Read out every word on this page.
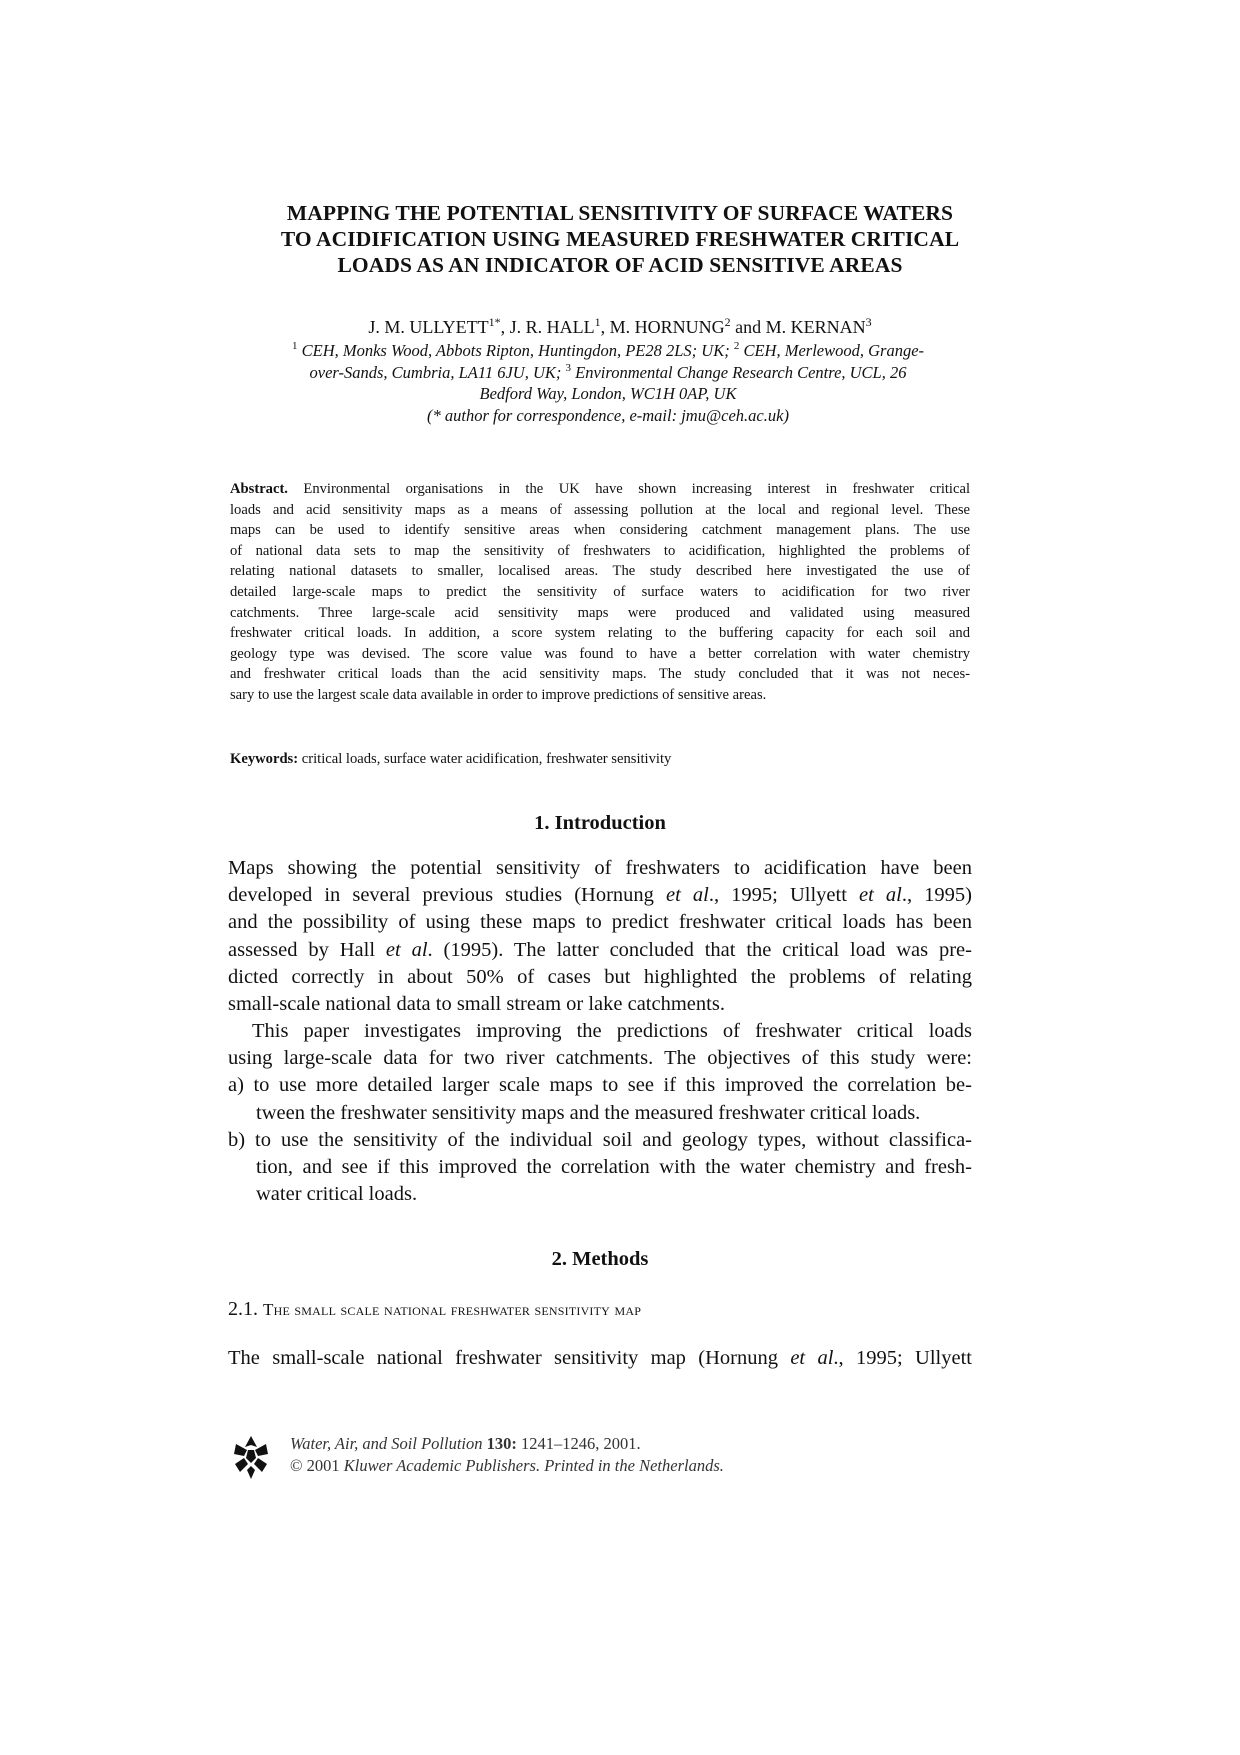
MAPPING THE POTENTIAL SENSITIVITY OF SURFACE WATERS
TO ACIDIFICATION USING MEASURED FRESHWATER CRITICAL
LOADS AS AN INDICATOR OF ACID SENSITIVE AREAS
J. M. $ULLYETT^{1*}$, J. R. HALL$^1$, M. HORNUNG$^2$ and M. KERNAN$^3$
$^1$ CEH, Monks Wood, Abbots Ripton, Huntingdon, PE28 2LS; UK; $^2$ CEH, Merlewood, Grange-
over-Sands, Cumbria, LA11 6JU, UK; $^3$ Environmental Change Research Centre, UCL, 26
Bedford Way, London, WC1H 0AP, UK
(* author for correspondence, e-mail: jmu@ceh.ac.uk)
Abstract. Environmental organisations in the UK have shown increasing interest in freshwater critical
loads and acid sensitivity maps as a means of assessing pollution at the local and regional level. These
maps can be used to identify sensitive areas when considering catchment management plans. The use
of national data sets to map the sensitivity of freshwaters to acidification, highlighted the problems of
relating national datasets to smaller, localised areas. The study described here investigated the use of
detailed large-scale maps to predict the sensitivity of surface waters to acidification for two river
catchments. Three large-scale acid sensitivity maps were produced and validated using measured
freshwater critical loads. In addition, a score system relating to the buffering capacity for each soil and
geology type was devised. The score value was found to have a better correlation with water chemistry
and freshwater critical loads than the acid sensitivity maps. The study concluded that it was not neces-
sary to use the largest scale data available in order to improve predictions of sensitive areas.
Keywords: critical loads, surface water acidification, freshwater sensitivity
1. Introduction
Maps showing the potential sensitivity of freshwaters to acidification have been
developed in several previous studies (Hornung et al., 1995; Ullyett et al., 1995)
and the possibility of using these maps to predict freshwater critical loads has been
assessed by Hall et al. (1995). The latter concluded that the critical load was pre-
dicted correctly in about 50% of cases but highlighted the problems of relating
small-scale national data to small stream or lake catchments.
This paper investigates improving the predictions of freshwater critical loads
using large-scale data for two river catchments. The objectives of this study were:
a) to use more detailed larger scale maps to see if this improved the correlation be-
tween the freshwater sensitivity maps and the measured freshwater critical loads.
b) to use the sensitivity of the individual soil and geology types, without classifica-
tion, and see if this improved the correlation with the water chemistry and fresh-
water critical loads.
2. Methods
2.1. The small scale national freshwater sensitivity map
The small-scale national freshwater sensitivity map (Hornung et al., 1995; Ullyett
Water, Air, and Soil Pollution 130: 1241–1246, 2001.
© 2001 Kluwer Academic Publishers. Printed in the Netherlands.
